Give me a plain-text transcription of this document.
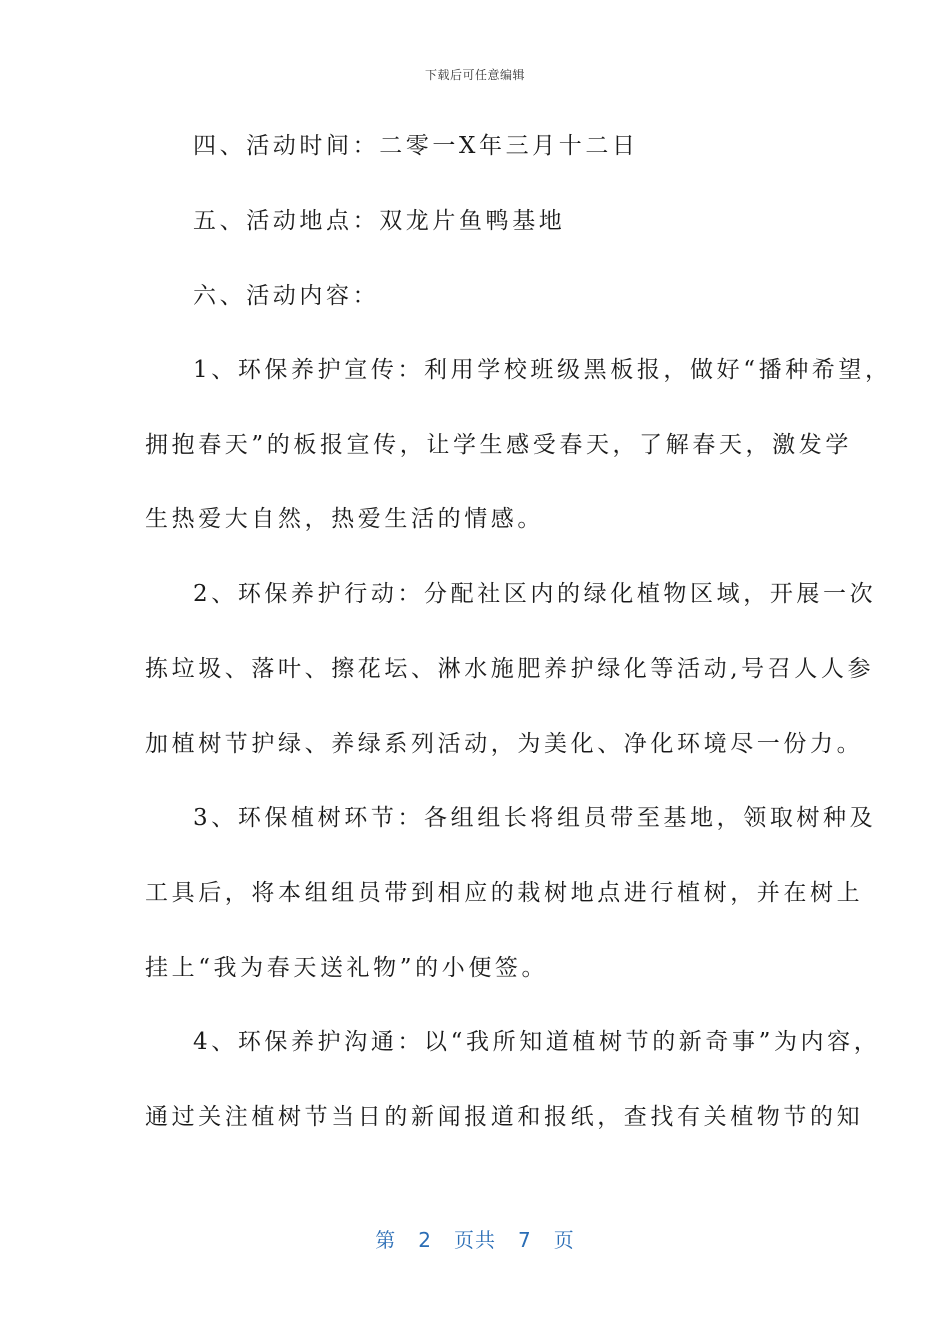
下载后可任意编辑
四、活动时间：二零一X年三月十二日
五、活动地点：双龙片鱼鸭基地
六、活动内容：
1、环保养护宣传：利用学校班级黑板报，做好“播种希望，
拥抱春天”的板报宣传，让学生感受春天，了解春天，激发学
生热爱大自然，热爱生活的情感。
2、环保养护行动：分配社区内的绿化植物区域，开展一次
拣垃圾、落叶、擦花坛、淋水施肥养护绿化等活动,号召人人参
加植树节护绿、养绿系列活动，为美化、净化环境尽一份力。
3、环保植树环节：各组组长将组员带至基地，领取树种及
工具后，将本组组员带到相应的栽树地点进行植树，并在树上
挂上“我为春天送礼物”的小便签。
4、环保养护沟通：以“我所知道植树节的新奇事”为内容，
通过关注植树节当日的新闻报道和报纸，查找有关植物节的知
第 2 页共 7 页
